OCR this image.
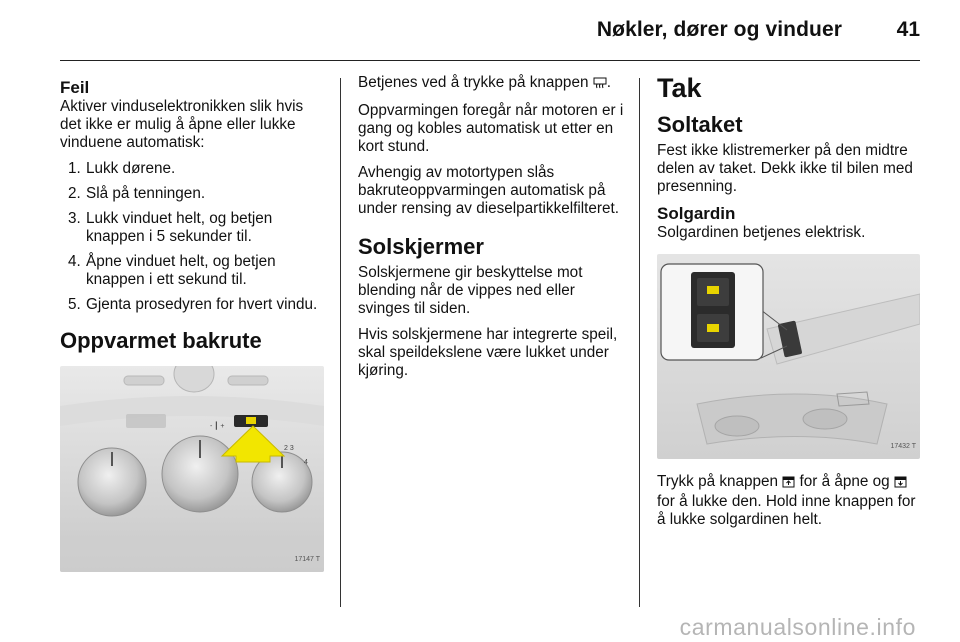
Nøkler, dører og vinduer	41
Feil

Aktiver vinduselektronikken slik hvis det ikke er mulig å åpne eller lukke vinduene automatisk:

1. Lukk dørene.
2. Slå på tenningen.
3. Lukk vinduet helt, og betjen knappen i 5 sekunder til.
4. Åpne vinduet helt, og betjen knappen i ett sekund til.
5. Gjenta prosedyren for hvert vindu.
Oppvarmet bakrute
- ┃ +
2 3
4
17147 T

Betjenes ved å trykke på knappen .

Oppvarmingen foregår når motoren er i gang og kobles automatisk ut etter en kort stund.

Avhengig av motortypen slås bakruteoppvarmingen automatisk på under rensing av dieselpartikkelfilteret.

Solskjermer

Solskjermene gir beskyttelse mot blending når de vippes ned eller svinges til siden.

Hvis solskjermene har integrerte speil, skal speildekslene være lukket under kjøring.

Tak
Soltaket

Fest ikke klistremerker på den midtre delen av taket. Dekk ikke til bilen med presenning.

Solgardin

Solgardinen betjenes elektrisk.

17432 T

Trykk på knappen  for å åpne og  for å lukke den. Hold inne knappen for å lukke solgardinen helt.

carmanualsonline.info
